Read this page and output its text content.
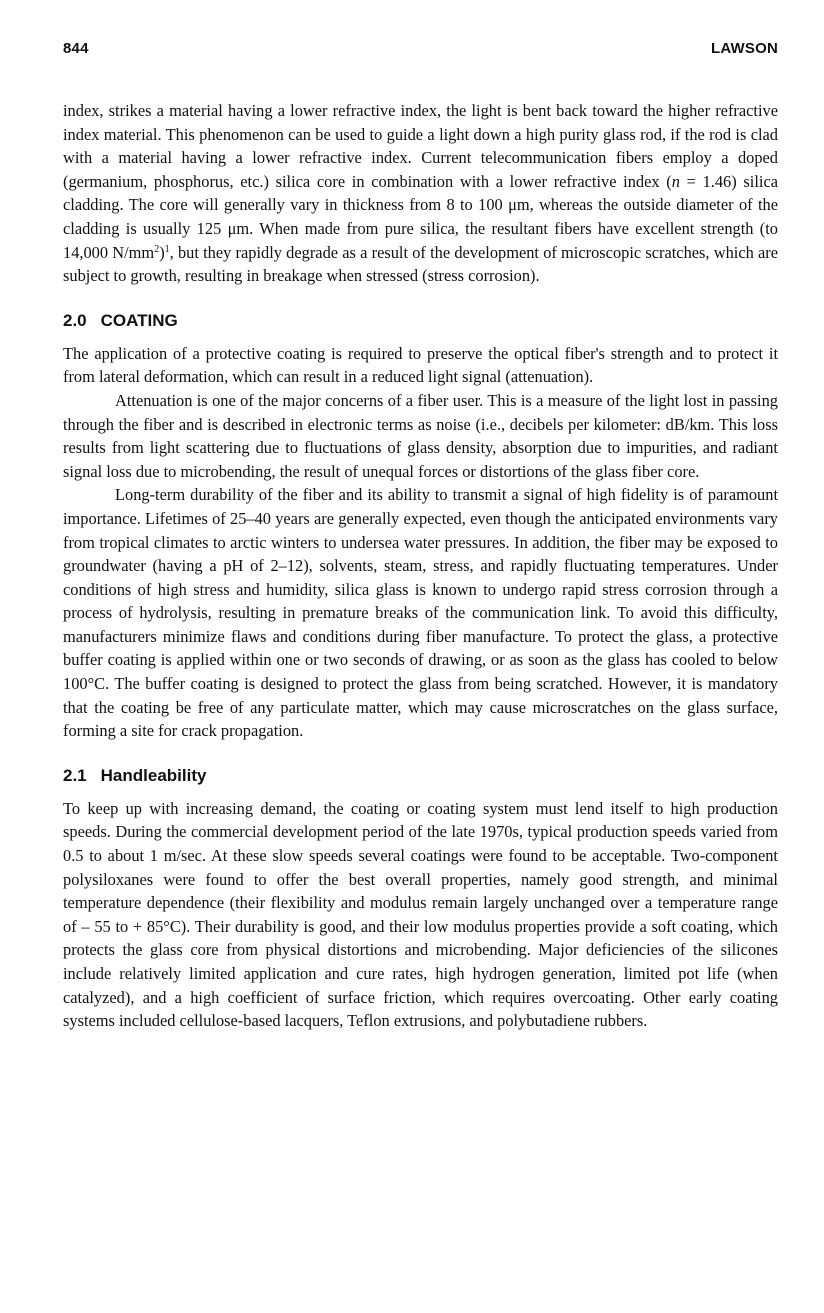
844	LAWSON

index, strikes a material having a lower refractive index, the light is bent back toward the higher refractive index material. This phenomenon can be used to guide a light down a high purity glass rod, if the rod is clad with a material having a lower refractive index. Current telecommunication fibers employ a doped (germanium, phosphorus, etc.) silica core in combination with a lower refractive index (n = 1.46) silica cladding. The core will generally vary in thickness from 8 to 100 μm, whereas the outside diameter of the cladding is usually 125 μm. When made from pure silica, the resultant fibers have excellent strength (to 14,000 $N/mm^2)^1$, but they rapidly degrade as a result of the development of microscopic scratches, which are subject to growth, resulting in breakage when stressed (stress corrosion).

2.0 COATING

The application of a protective coating is required to preserve the optical fiber's strength and to protect it from lateral deformation, which can result in a reduced light signal (attenuation).

Attenuation is one of the major concerns of a fiber user. This is a measure of the light lost in passing through the fiber and is described in electronic terms as noise (i.e., decibels per kilometer: dB/km. This loss results from light scattering due to fluctuations of glass density, absorption due to impurities, and radiant signal loss due to microbending, the result of unequal forces or distortions of the glass fiber core.

Long-term durability of the fiber and its ability to transmit a signal of high fidelity is of paramount importance. Lifetimes of 25–40 years are generally expected, even though the anticipated environments vary from tropical climates to arctic winters to undersea water pressures. In addition, the fiber may be exposed to groundwater (having a pH of 2–12), solvents, steam, stress, and rapidly fluctuating temperatures. Under conditions of high stress and humidity, silica glass is known to undergo rapid stress corrosion through a process of hydrolysis, resulting in premature breaks of the communication link. To avoid this difficulty, manufacturers minimize flaws and conditions during fiber manufacture. To protect the glass, a protective buffer coating is applied within one or two seconds of drawing, or as soon as the glass has cooled to below 100°C. The buffer coating is designed to protect the glass from being scratched. However, it is mandatory that the coating be free of any particulate matter, which may cause microscratches on the glass surface, forming a site for crack propagation.

2.1 Handleability

To keep up with increasing demand, the coating or coating system must lend itself to high production speeds. During the commercial development period of the late 1970s, typical production speeds varied from 0.5 to about 1 m/sec. At these slow speeds several coatings were found to be acceptable. Two-component polysiloxanes were found to offer the best overall properties, namely good strength, and minimal temperature dependence (their flexibility and modulus remain largely unchanged over a temperature range of – 55 to + 85°C). Their durability is good, and their low modulus properties provide a soft coating, which protects the glass core from physical distortions and microbending. Major deficiencies of the silicones include relatively limited application and cure rates, high hydrogen generation, limited pot life (when catalyzed), and a high coefficient of surface friction, which requires overcoating. Other early coating systems included cellulose-based lacquers, Teflon extrusions, and polybutadiene rubbers.
